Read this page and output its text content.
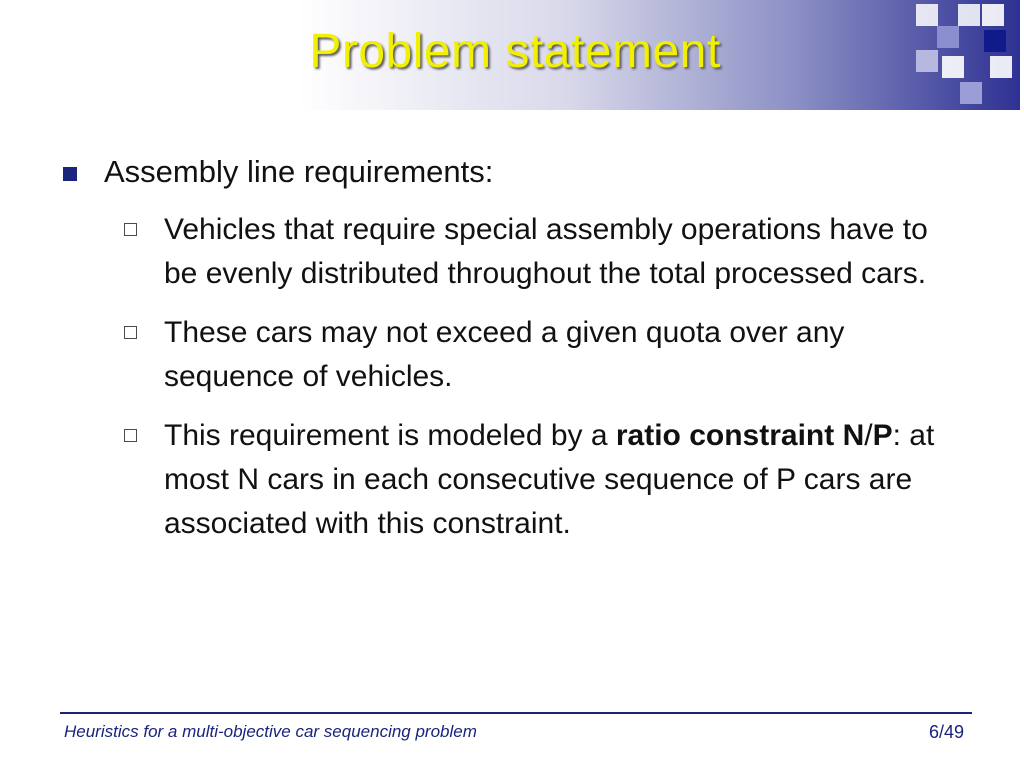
Problem statement
Assembly line requirements:
Vehicles that require special assembly operations have to be evenly distributed throughout the total processed cars.
These cars may not exceed a given quota over any sequence of vehicles.
This requirement is modeled by a ratio constraint N/P: at most N cars in each consecutive sequence of P cars are associated with this constraint.
Heuristics for a multi-objective car sequencing problem	6/49
